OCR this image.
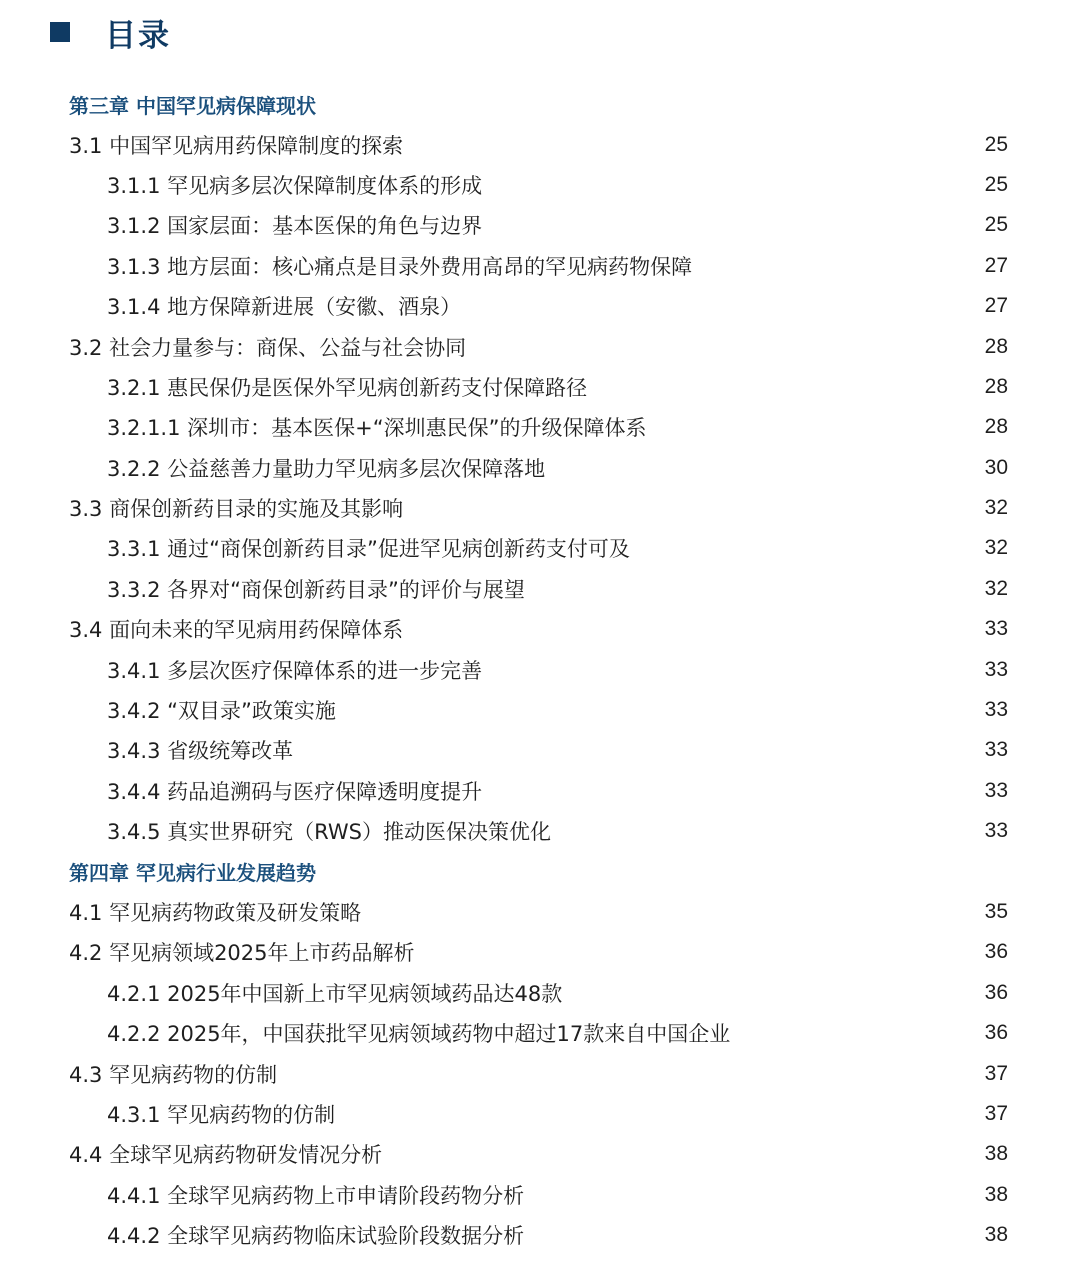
目录
第三章 中国罕见病保障现状
3.1 中国罕见病用药保障制度的探索	25
3.1.1 罕见病多层次保障制度体系的形成	25
3.1.2 国家层面：基本医保的角色与边界	25
3.1.3 地方层面：核心痛点是目录外费用高昂的罕见病药物保障	27
3.1.4 地方保障新进展（安徽、酒泉）	27
3.2 社会力量参与：商保、公益与社会协同	28
3.2.1 惠民保仍是医保外罕见病创新药支付保障路径	28
3.2.1.1 深圳市：基本医保+“深圳惠民保”的升级保障体系	28
3.2.2 公益慈善力量助力罕见病多层次保障落地	30
3.3 商保创新药目录的实施及其影响	32
3.3.1 通过“商保创新药目录”促进罕见病创新药支付可及	32
3.3.2 各界对“商保创新药目录”的评价与展望	32
3.4 面向未来的罕见病用药保障体系	33
3.4.1 多层次医疗保障体系的进一步完善	33
3.4.2 “双目录”政策实施	33
3.4.3 省级统筹改革	33
3.4.4 药品追溯码与医疗保障透明度提升	33
3.4.5 真实世界研究（RWS）推动医保决策优化	33
第四章 罕见病行业发展趋势
4.1 罕见病药物政策及研发策略	35
4.2 罕见病领域2025年上市药品解析	36
4.2.1 2025年中国新上市罕见病领域药品达48款	36
4.2.2 2025年，中国获批罕见病领域药物中超过17款来自中国企业	36
4.3 罕见病药物的仿制	37
4.3.1 罕见病药物的仿制	37
4.4 全球罕见病药物研发情况分析	38
4.4.1 全球罕见病药物上市申请阶段药物分析	38
4.4.2 全球罕见病药物临床试验阶段数据分析	38
